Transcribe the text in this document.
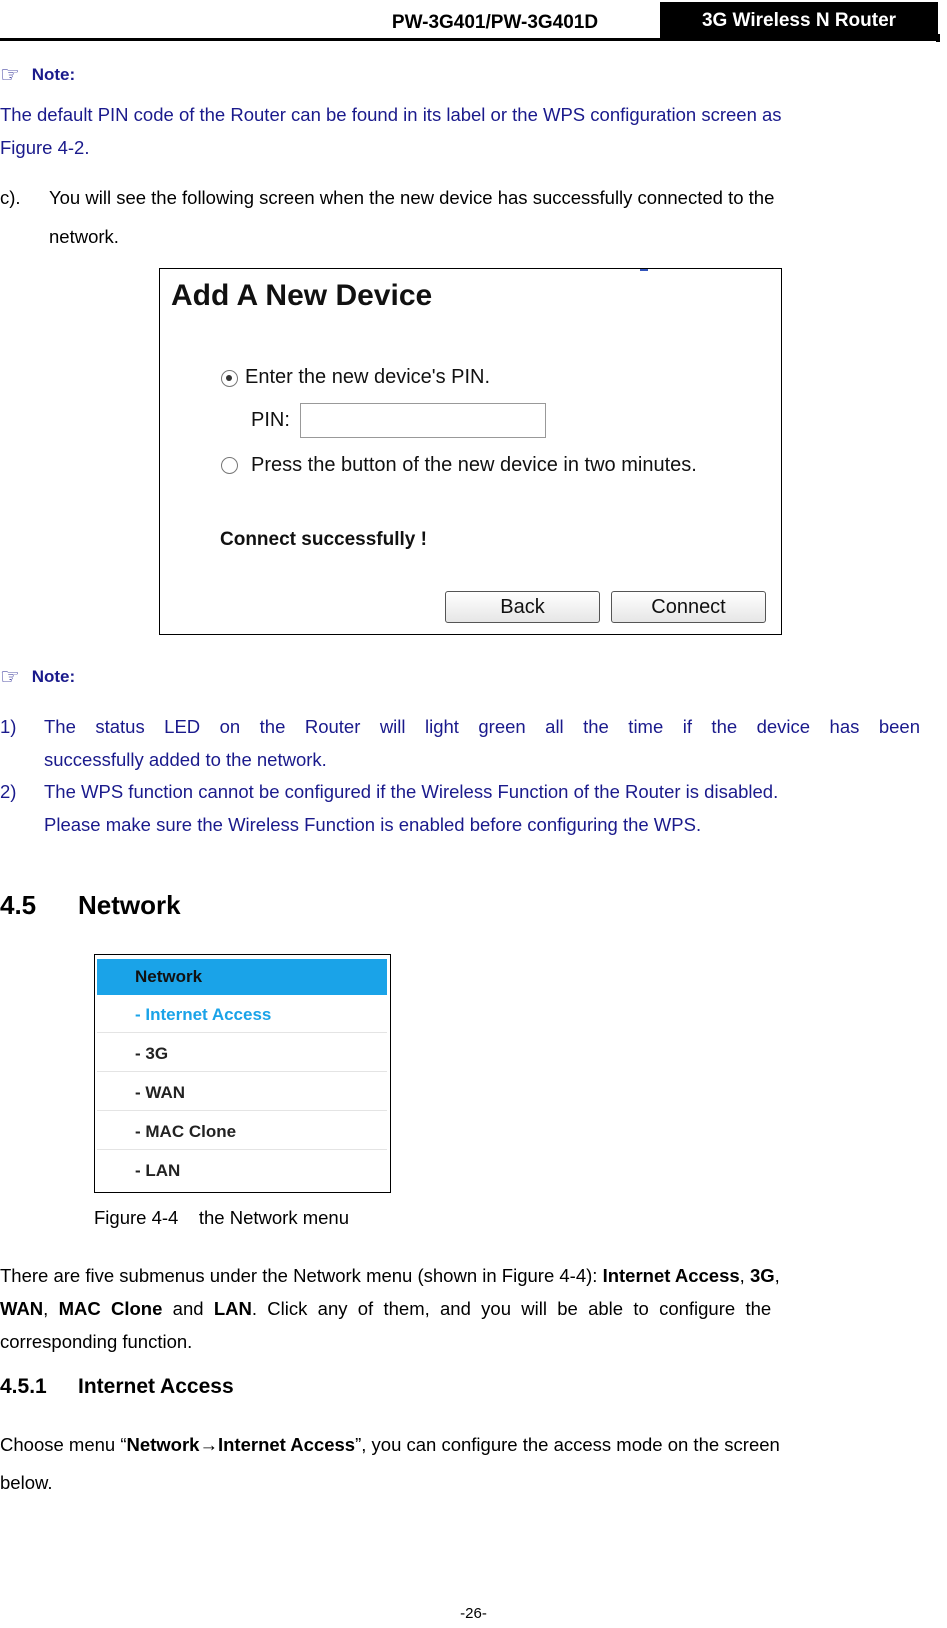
PW-3G401/PW-3G401D	3G Wireless N Router
☞ Note:
The default PIN code of the Router can be found in its label or the WPS configuration screen as
Figure 4-2.
c). You will see the following screen when the new device has successfully connected to the
network.
Add A New Device
Enter the new device's PIN.
PIN:
Press the button of the new device in two minutes.
Connect successfully !
Back	Connect
☞ Note:
1) The status LED on the Router will light green all the time if the device has been
successfully added to the network.
2) The WPS function cannot be configured if the Wireless Function of the Router is disabled.
Please make sure the Wireless Function is enabled before configuring the WPS.
4.5 Network
Network
- Internet Access
- 3G
- WAN
- MAC Clone
- LAN
Figure 4-4    the Network menu
There are five submenus under the Network menu (shown in Figure 4-4): Internet Access, 3G,
WAN,  MAC  Clone  and  LAN.  Click  any  of  them,  and  you  will  be  able  to  configure  the
corresponding function.
4.5.1 Internet Access
Choose menu “Network→Internet Access”, you can configure the access mode on the screen
below.
-26-
